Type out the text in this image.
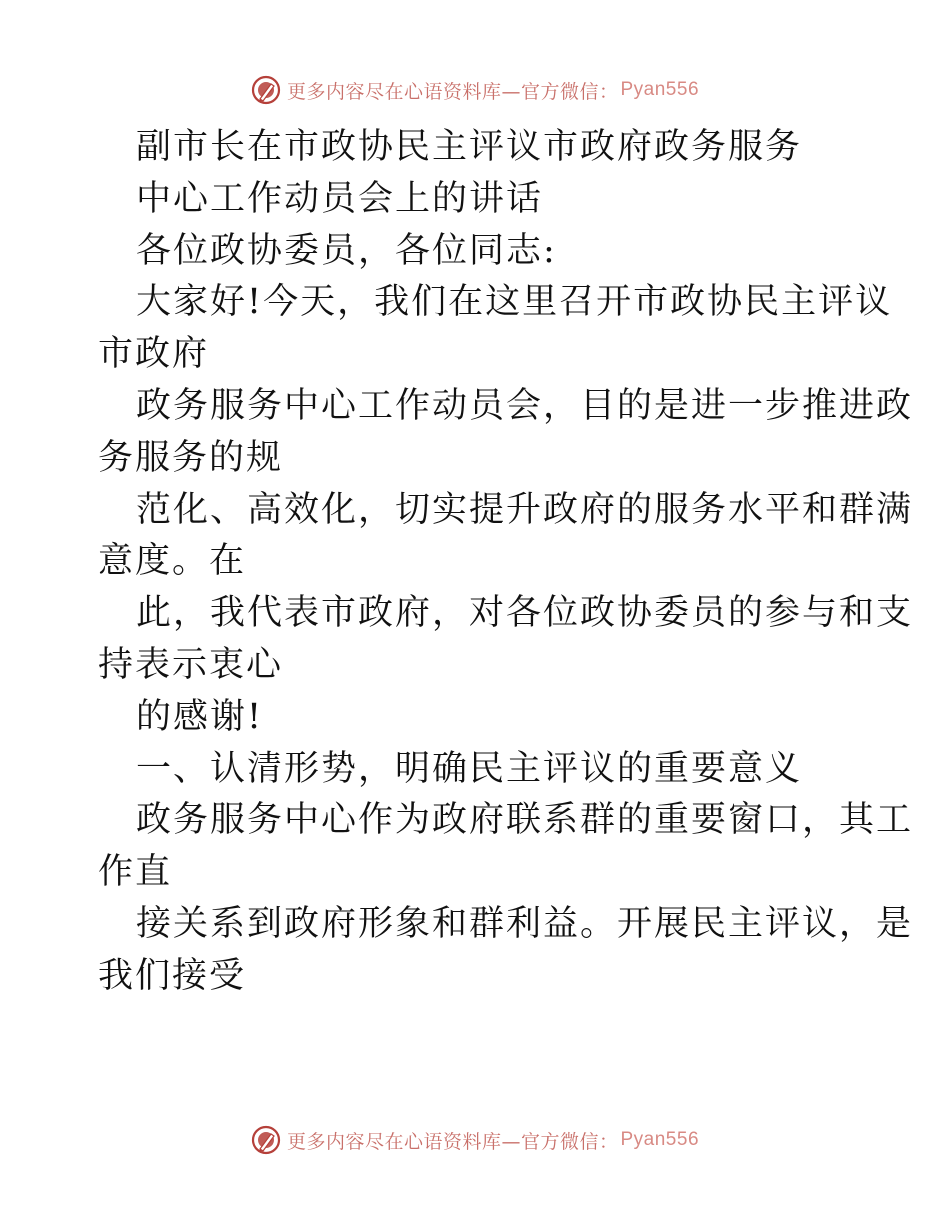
更多内容尽在心语资料库—官方微信： Pyan556
副市长在市政协民主评议市政府政务服务
中心工作动员会上的讲话
各位政协委员，各位同志:
大家好!今天，我们在这里召开市政协民主评议
市政府
政务服务中心工作动员会，目的是进一步推进政
务服务的规
范化、高效化，切实提升政府的服务水平和群满
意度。在
此，我代表市政府，对各位政协委员的参与和支
持表示衷心
的感谢!
一、认清形势，明确民主评议的重要意义
政务服务中心作为政府联系群的重要窗口，其工
作直
接关系到政府形象和群利益。开展民主评议，是
我们接受
更多内容尽在心语资料库—官方微信： Pyan556
